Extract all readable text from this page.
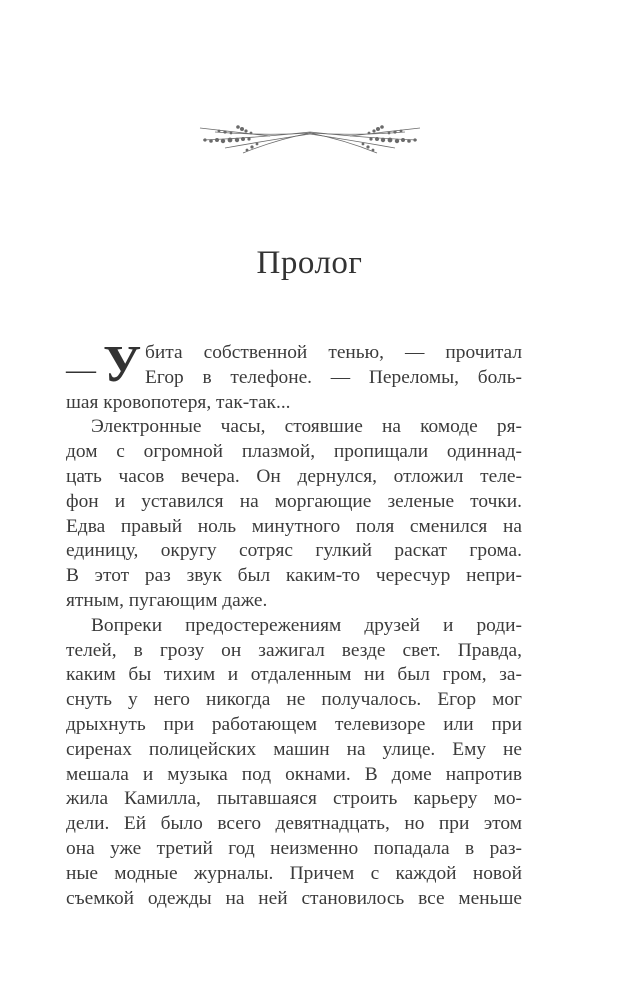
Пролог
— У бита собственной тенью, — прочитал
Егор в телефоне. — Переломы, боль-
шая кровопотеря, так-так...
Электронные часы, стоявшие на комоде ря-
дом с огромной плазмой, пропищали одиннад-
цать часов вечера. Он дернулся, отложил теле-
фон и уставился на моргающие зеленые точки.
Едва правый ноль минутного поля сменился на
единицу, округу сотряс гулкий раскат грома.
В этот раз звук был каким-то чересчур непри-
ятным, пугающим даже.
Вопреки предостережениям друзей и роди-
телей, в грозу он зажигал везде свет. Правда,
каким бы тихим и отдаленным ни был гром, за-
снуть у него никогда не получалось. Егор мог
дрыхнуть при работающем телевизоре или при
сиренах полицейских машин на улице. Ему не
мешала и музыка под окнами. В доме напротив
жила Камилла, пытавшаяся строить карьеру мо-
дели. Ей было всего девятнадцать, но при этом
она уже третий год неизменно попадала в раз-
ные модные журналы. Причем с каждой новой
съемкой одежды на ней становилось все меньше
